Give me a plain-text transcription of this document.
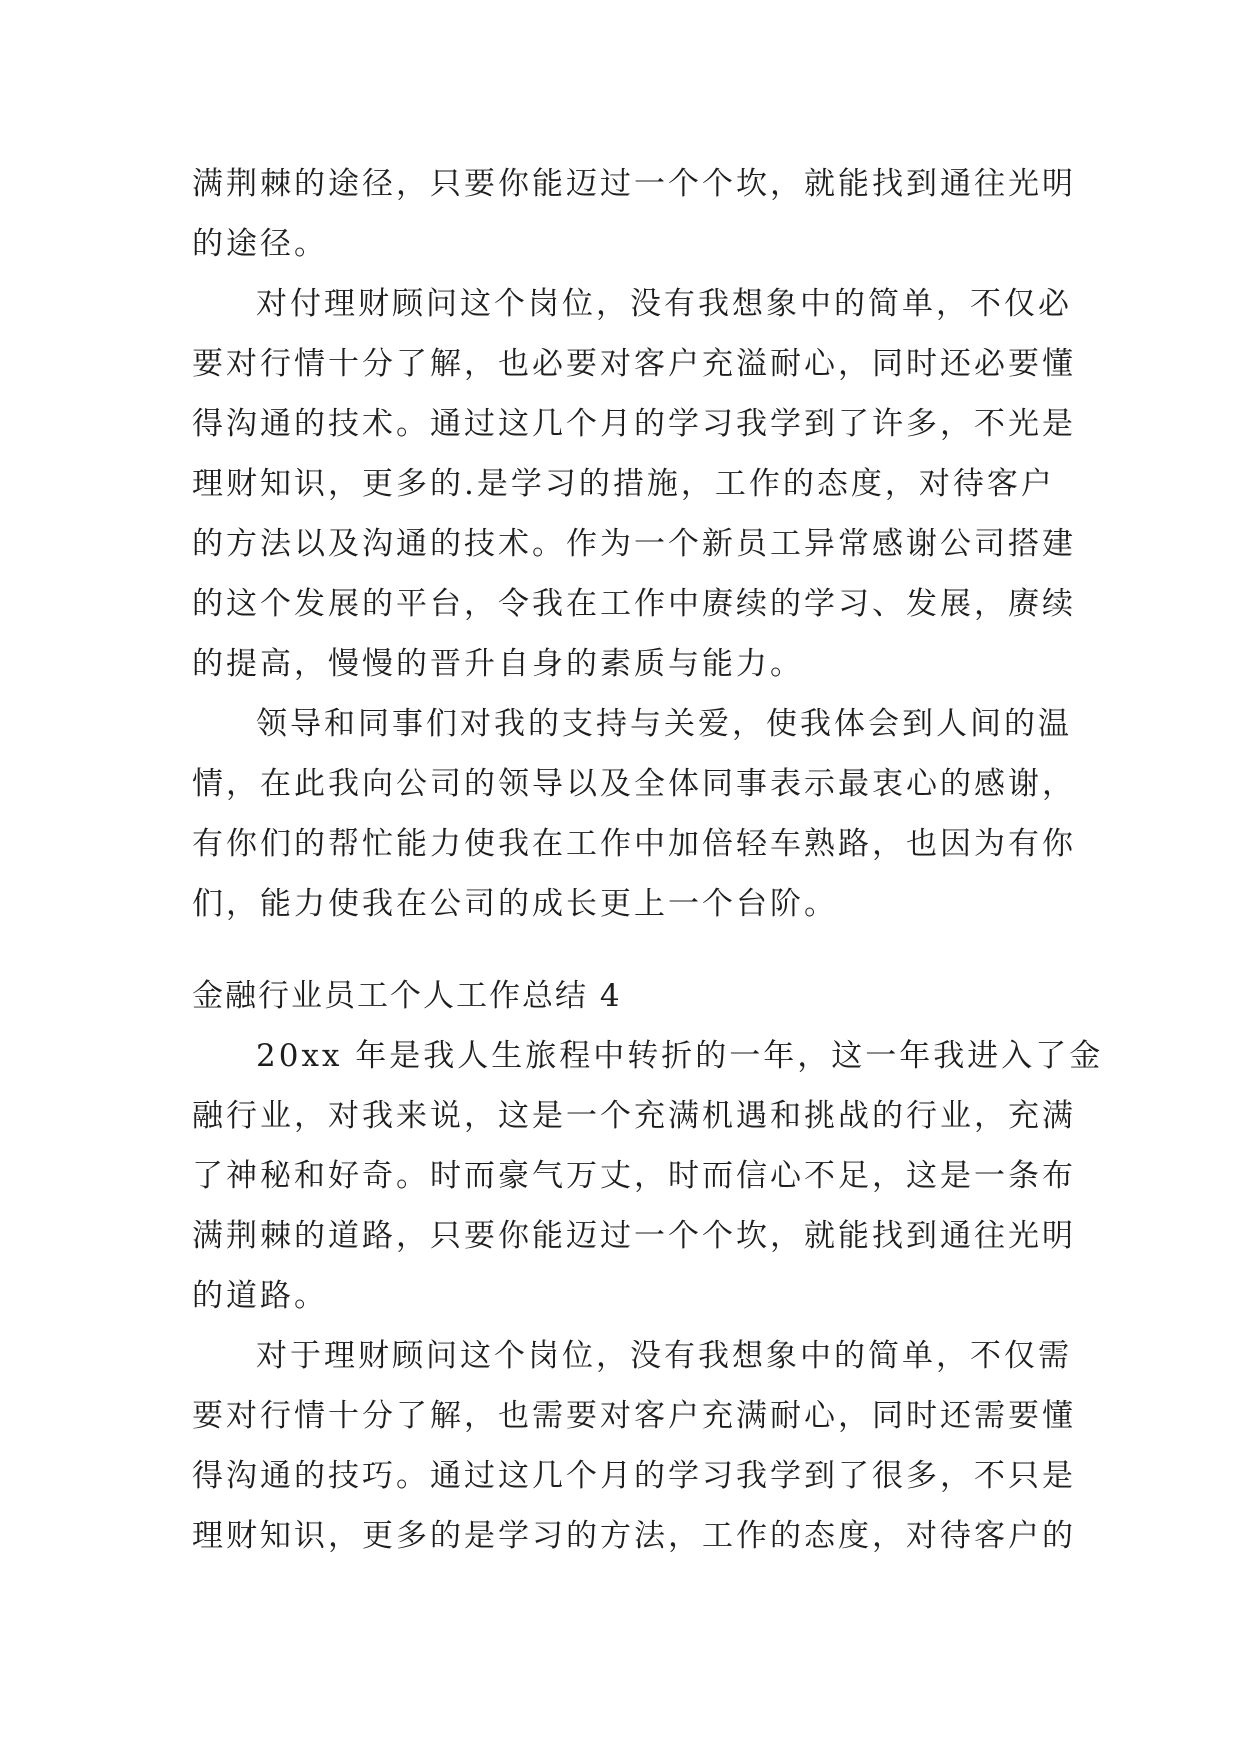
满荆棘的途径，只要你能迈过一个个坎，就能找到通往光明
的途径。
对付理财顾问这个岗位，没有我想象中的简单，不仅必
要对行情十分了解，也必要对客户充溢耐心，同时还必要懂
得沟通的技术。通过这几个月的学习我学到了许多，不光是
理财知识，更多的.是学习的措施，工作的态度，对待客户
的方法以及沟通的技术。作为一个新员工异常感谢公司搭建
的这个发展的平台，令我在工作中赓续的学习、发展，赓续
的提高，慢慢的晋升自身的素质与能力。
领导和同事们对我的支持与关爱，使我体会到人间的温
情，在此我向公司的领导以及全体同事表示最衷心的感谢，
有你们的帮忙能力使我在工作中加倍轻车熟路，也因为有你
们，能力使我在公司的成长更上一个台阶。
金融行业员工个人工作总结 4
20xx 年是我人生旅程中转折的一年，这一年我进入了金
融行业，对我来说，这是一个充满机遇和挑战的行业，充满
了神秘和好奇。时而豪气万丈，时而信心不足，这是一条布
满荆棘的道路，只要你能迈过一个个坎，就能找到通往光明
的道路。
对于理财顾问这个岗位，没有我想象中的简单，不仅需
要对行情十分了解，也需要对客户充满耐心，同时还需要懂
得沟通的技巧。通过这几个月的学习我学到了很多，不只是
理财知识，更多的是学习的方法，工作的态度，对待客户的
